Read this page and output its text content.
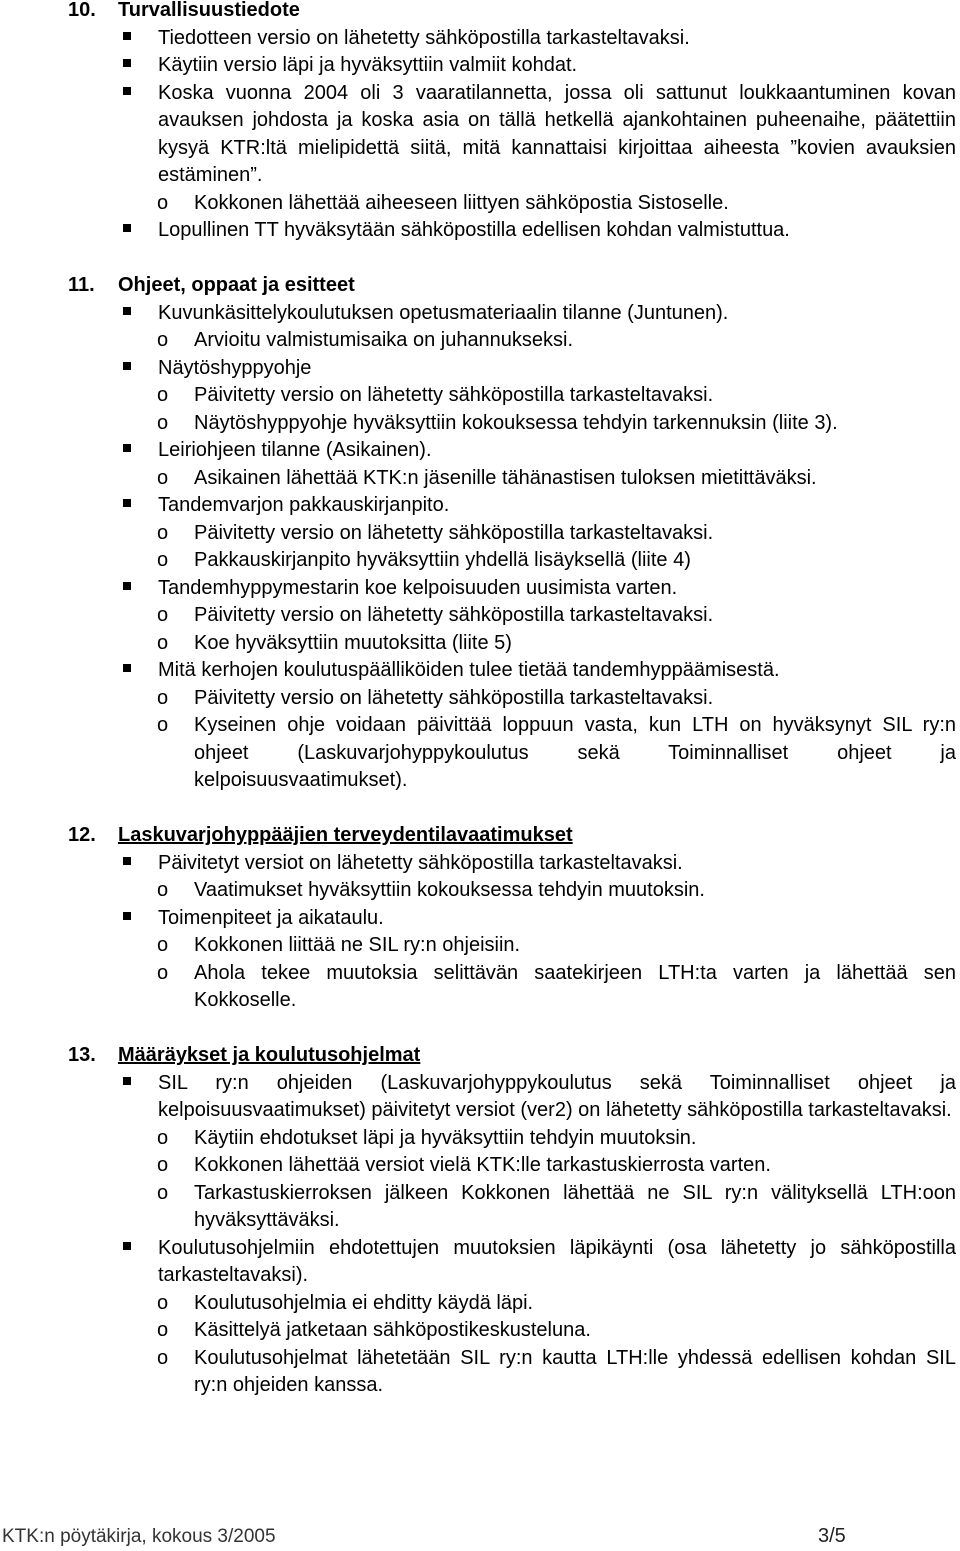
10.	Turvallisuustiedote
Tiedotteen versio on lähetetty sähköpostilla tarkasteltavaksi.
Käytiin versio läpi ja hyväksyttiin valmiit kohdat.
Koska vuonna 2004 oli 3 vaaratilannetta, jossa oli sattunut loukkaantuminen kovan avauksen johdosta ja koska asia on tällä hetkellä ajankohtainen puheenaihe, päätettiin kysyä KTR:ltä mielipidettä siitä, mitä kannattaisi kirjoittaa aiheesta ”kovien avauksien estäminen”.
o	Kokkonen lähettää aiheeseen liittyen sähköpostia Sistoselle.
Lopullinen TT hyväksytään sähköpostilla edellisen kohdan valmistuttua.
11.	Ohjeet, oppaat ja esitteet
Kuvunkäsittelykoulutuksen opetusmateriaalin tilanne (Juntunen).
o	Arvioitu valmistumisaika on juhannukseksi.
Näytöshyppyohje
o	Päivitetty versio on lähetetty sähköpostilla tarkasteltavaksi.
o	Näytöshyppyohje hyväksyttiin kokouksessa tehdyin tarkennuksin (liite 3).
Leiriohjeen tilanne (Asikainen).
o	Asikainen lähettää KTK:n jäsenille tähänastisen tuloksen mietittäväksi.
Tandemvarjon pakkauskirjanpito.
o	Päivitetty versio on lähetetty sähköpostilla tarkasteltavaksi.
o	Pakkauskirjanpito hyväksyttiin yhdellä lisäyksellä (liite 4)
Tandemhyppymestarin koe kelpoisuuden uusimista varten.
o	Päivitetty versio on lähetetty sähköpostilla tarkasteltavaksi.
o	Koe hyväksyttiin muutoksitta (liite 5)
Mitä kerhojen koulutuspäälliköiden tulee tietää tandemhyppäämisestä.
o	Päivitetty versio on lähetetty sähköpostilla tarkasteltavaksi.
o	Kyseinen ohje voidaan päivittää loppuun vasta, kun LTH on hyväksynyt SIL ry:n ohjeet (Laskuvarjohyppykoulutus sekä Toiminnalliset ohjeet ja kelpoisuusvaatimukset).
12.	Laskuvarjohyppääjien terveydentilavaatimukset
Päivitetyt versiot on lähetetty sähköpostilla tarkasteltavaksi.
o	Vaatimukset hyväksyttiin kokouksessa tehdyin muutoksin.
Toimenpiteet ja aikataulu.
o	Kokkonen liittää ne SIL ry:n ohjeisiin.
o	Ahola tekee muutoksia selittävän saatekirjeen LTH:ta varten ja lähettää sen Kokkoselle.
13.	Määräykset ja koulutusohjelmat
SIL ry:n ohjeiden (Laskuvarjohyppykoulutus sekä Toiminnalliset ohjeet ja kelpoisuusvaatimukset) päivitetyt versiot (ver2) on lähetetty sähköpostilla tarkasteltavaksi.
o	Käytiin ehdotukset läpi ja hyväksyttiin tehdyin muutoksin.
o	Kokkonen lähettää versiot vielä KTK:lle tarkastuskierrosta varten.
o	Tarkastuskierroksen jälkeen Kokkonen lähettää ne SIL ry:n välityksellä LTH:oon hyväksyttäväksi.
Koulutusohjelmiin ehdotettujen muutoksien läpikäynti (osa lähetetty jo sähköpostilla tarkasteltavaksi).
o	Koulutusohjelmia ei ehditty käydä läpi.
o	Käsittelyä jatketaan sähköpostikeskusteluna.
o	Koulutusohjelmat lähetetään SIL ry:n kautta LTH:lle yhdessä edellisen kohdan SIL ry:n ohjeiden kanssa.
KTK:n pöytäkirja, kokous 3/2005	3/5
